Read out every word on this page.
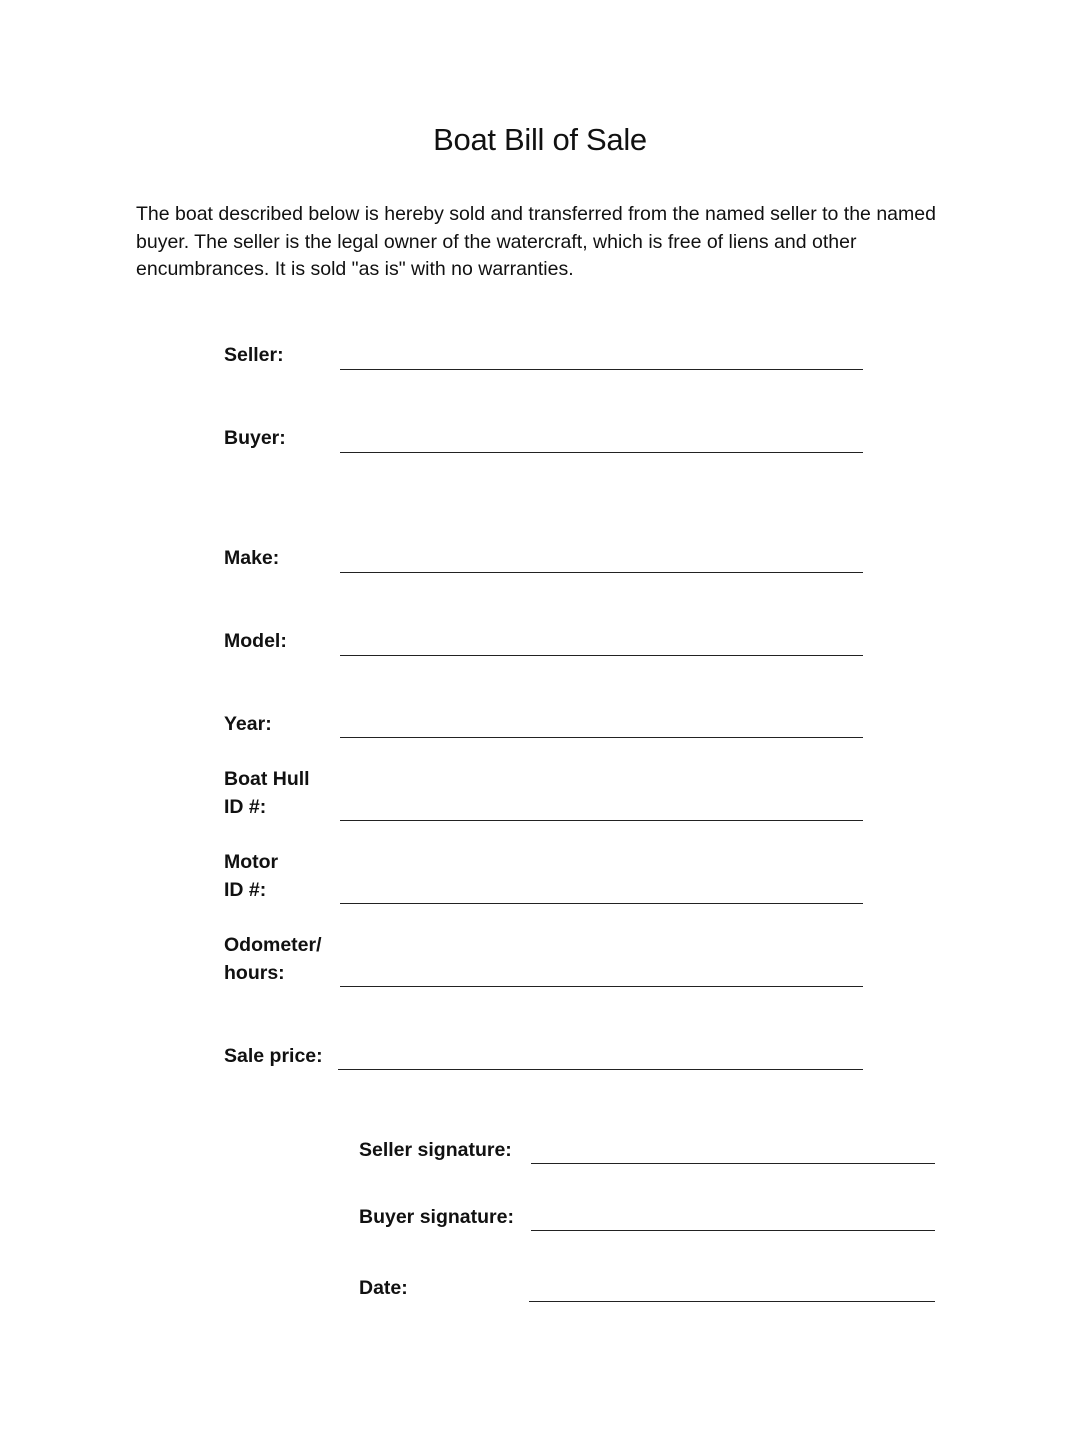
Boat Bill of Sale

The boat described below is hereby sold and transferred from the named seller to the named buyer. The seller is the legal owner of the watercraft, which is free of liens and other encumbrances. It is sold "as is" with no warranties.

Seller:
Buyer:
Make:
Model:
Year:
Boat Hull
ID #:
Motor
ID #:
Odometer/
hours:
Sale price:
Seller signature:
Buyer signature:
Date:
